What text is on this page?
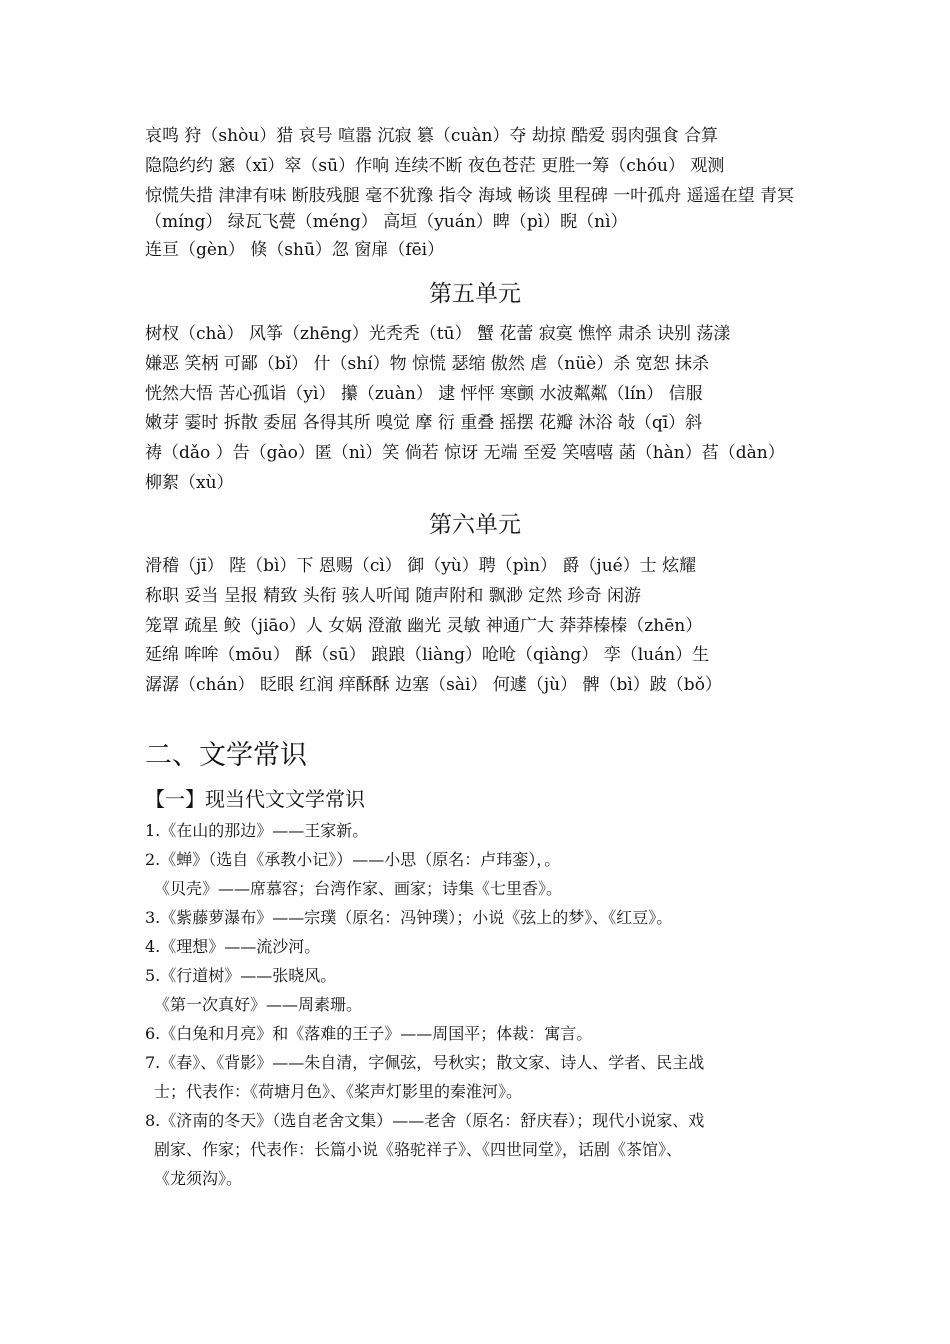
哀鸣 狩（shòu）猎 哀号 喧嚣 沉寂 篡（cuàn）夺 劫掠 酷爱 弱肉强食 合算
隐隐约约 窸（xī）窣（sū）作响 连续不断 夜色苍茫 更胜一筹（chóu） 观测
惊慌失措 津津有味 断肢残腿 毫不犹豫 指令 海域 畅谈 里程碑 一叶孤舟 遥遥在望 青冥（míng） 绿瓦飞甍（méng） 高垣（yuán）睥（pì）睨（nì）
连亘（gèn） 倏（shū）忽 窗扉（fēi）
第五单元
树杈（chà） 风筝（zhēng）光秃秃（tū） 蟹 花蕾 寂寞 憔悴 肃杀 诀别 荡漾
嫌恶 笑柄 可鄙（bǐ） 什（shí）物 惊慌 瑟缩 傲然 虐（nüè）杀 宽恕 抹杀
恍然大悟 苦心孤诣（yì） 攥（zuàn） 逮 怦怦 寒颤 水波粼粼（lín） 信服
嫩芽 霎时 拆散 委屈 各得其所 嗅觉 摩 衍 重叠 摇摆 花瓣 沐浴 敧（qī）斜
祷（dǎo ）告（gào）匿（nì）笑 倘若 惊讶 无端 至爱 笑嘻嘻 菡（hàn）萏（dàn）
柳絮（xù）
第六单元
滑稽（jī） 陛（bì）下 恩赐（cì） 御（yù）聘（pìn） 爵（jué）士 炫耀
称职 妥当 呈报 精致 头衔 骇人听闻 随声附和 飘渺 定然 珍奇 闲游
笼罩 疏星 鲛（jiāo）人 女娲 澄澈 幽光 灵敏 神通广大 莽莽榛榛（zhēn）
延绵 哞哞（mōu） 酥（sū） 踉踉（liàng）呛呛（qiàng） 孪（luán）生
潺潺（chán） 眨眼 红润 痒酥酥 边塞（sài） 何遽（jù） 髀（bì）跛（bǒ）
二、文学常识
【一】现当代文文学常识
1.《在山的那边》——王家新。
2.《蝉》（选自《承教小记》）——小思（原名：卢玮銮），。
《贝壳》——席慕容；台湾作家、画家；诗集《七里香》。
3.《紫藤萝瀑布》——宗璞（原名：冯钟璞）；小说《弦上的梦》、《红豆》。
4.《理想》——流沙河。
5.《行道树》——张晓风。
《第一次真好》——周素珊。
6.《白兔和月亮》和《落难的王子》——周国平；体裁：寓言。
7.《春》、《背影》——朱自清，字佩弦，号秋实；散文家、诗人、学者、民主战
士；代表作：《荷塘月色》、《桨声灯影里的秦淮河》。
8.《济南的冬天》（选自老舍文集）——老舍（原名：舒庆春）；现代小说家、戏
剧家、作家；代表作：长篇小说《骆驼祥子》、《四世同堂》，话剧《茶馆》、
《龙须沟》。
